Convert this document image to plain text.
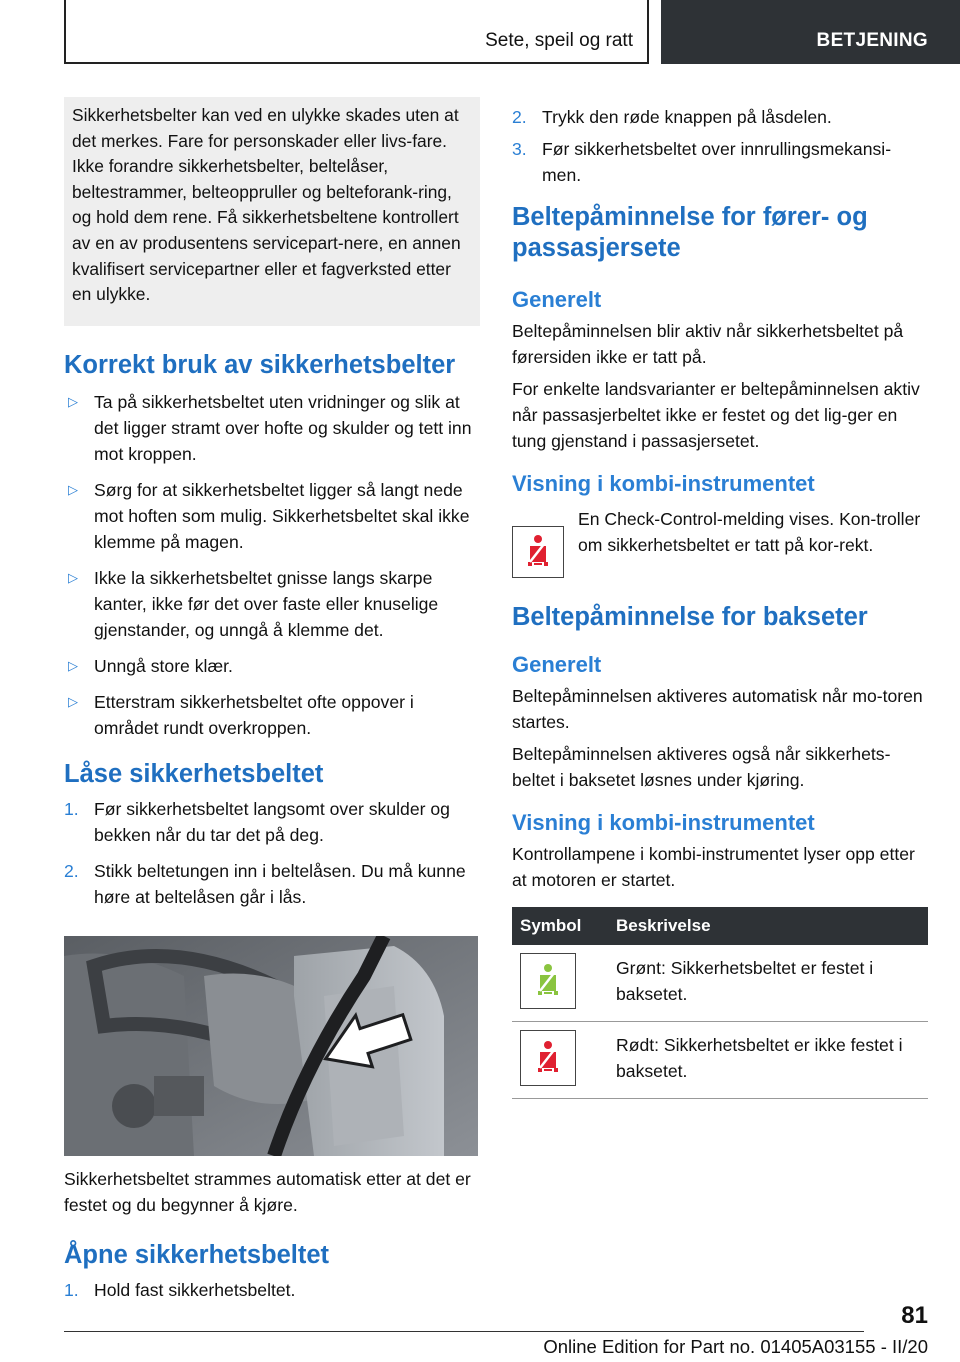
Sete, speil og ratt	BETJENING

Sikkerhetsbelter kan ved en ulykke skades uten at det merkes. Fare for personskader eller livs-fare. Ikke forandre sikkerhetsbelter, beltelåser, beltestrammer, belteoppruller og belteforank-ring, og hold dem rene. Få sikkerhetsbeltene kontrollert av en av produsentens servicepart-nere, en annen kvalifisert servicepartner eller et fagverksted etter en ulykke.

Korrekt bruk av sikkerhetsbelter
▷ Ta på sikkerhetsbeltet uten vridninger og slik at det ligger stramt over hofte og skulder og tett inn mot kroppen.
▷ Sørg for at sikkerhetsbeltet ligger så langt nede mot hoften som mulig. Sikkerhetsbeltet skal ikke klemme på magen.
▷ Ikke la sikkerhetsbeltet gnisse langs skarpe kanter, ikke før det over faste eller knuselige gjenstander, og unngå å klemme det.
▷ Unngå store klær.
▷ Etterstram sikkerhetsbeltet ofte oppover i området rundt overkroppen.
Låse sikkerhetsbeltet
1. Før sikkerhetsbeltet langsomt over skulder og bekken når du tar det på deg.
2. Stikk beltetungen inn i beltelåsen. Du må kunne høre at beltelåsen går i lås.

Sikkerhetsbeltet strammes automatisk etter at det er festet og du begynner å kjøre.

Åpne sikkerhetsbeltet
1. Hold fast sikkerhetsbeltet.
2. Trykk den røde knappen på låsdelen.
3. Før sikkerhetsbeltet over innrullingsmekansi-men.
Beltepåminnelse for fører- og passasjersete
Generelt

Beltepåminnelsen blir aktiv når sikkerhetsbeltet på førersiden ikke er tatt på.

For enkelte landsvarianter er beltepåminnelsen aktiv når passasjerbeltet ikke er festet og det lig-ger en tung gjenstand i passasjersetet.

Visning i kombi-instrumentet

En Check-Control-melding vises. Kon-troller om sikkerhetsbeltet er tatt på kor-rekt.

Beltepåminnelse for bakseter
Generelt

Beltepåminnelsen aktiveres automatisk når mo-toren startes.

Beltepåminnelsen aktiveres også når sikkerhets-beltet i baksetet løsnes under kjøring.

Visning i kombi-instrumentet

Kontrollampene i kombi-instrumentet lyser opp etter at motoren er startet.

Symbol	Beskrivelse

	Grønt: Sikkerhetsbeltet er festet i baksetet.

	Rødt: Sikkerhetsbeltet er ikke festet i baksetet.
81
Online Edition for Part no. 01405A03155 - II/20
